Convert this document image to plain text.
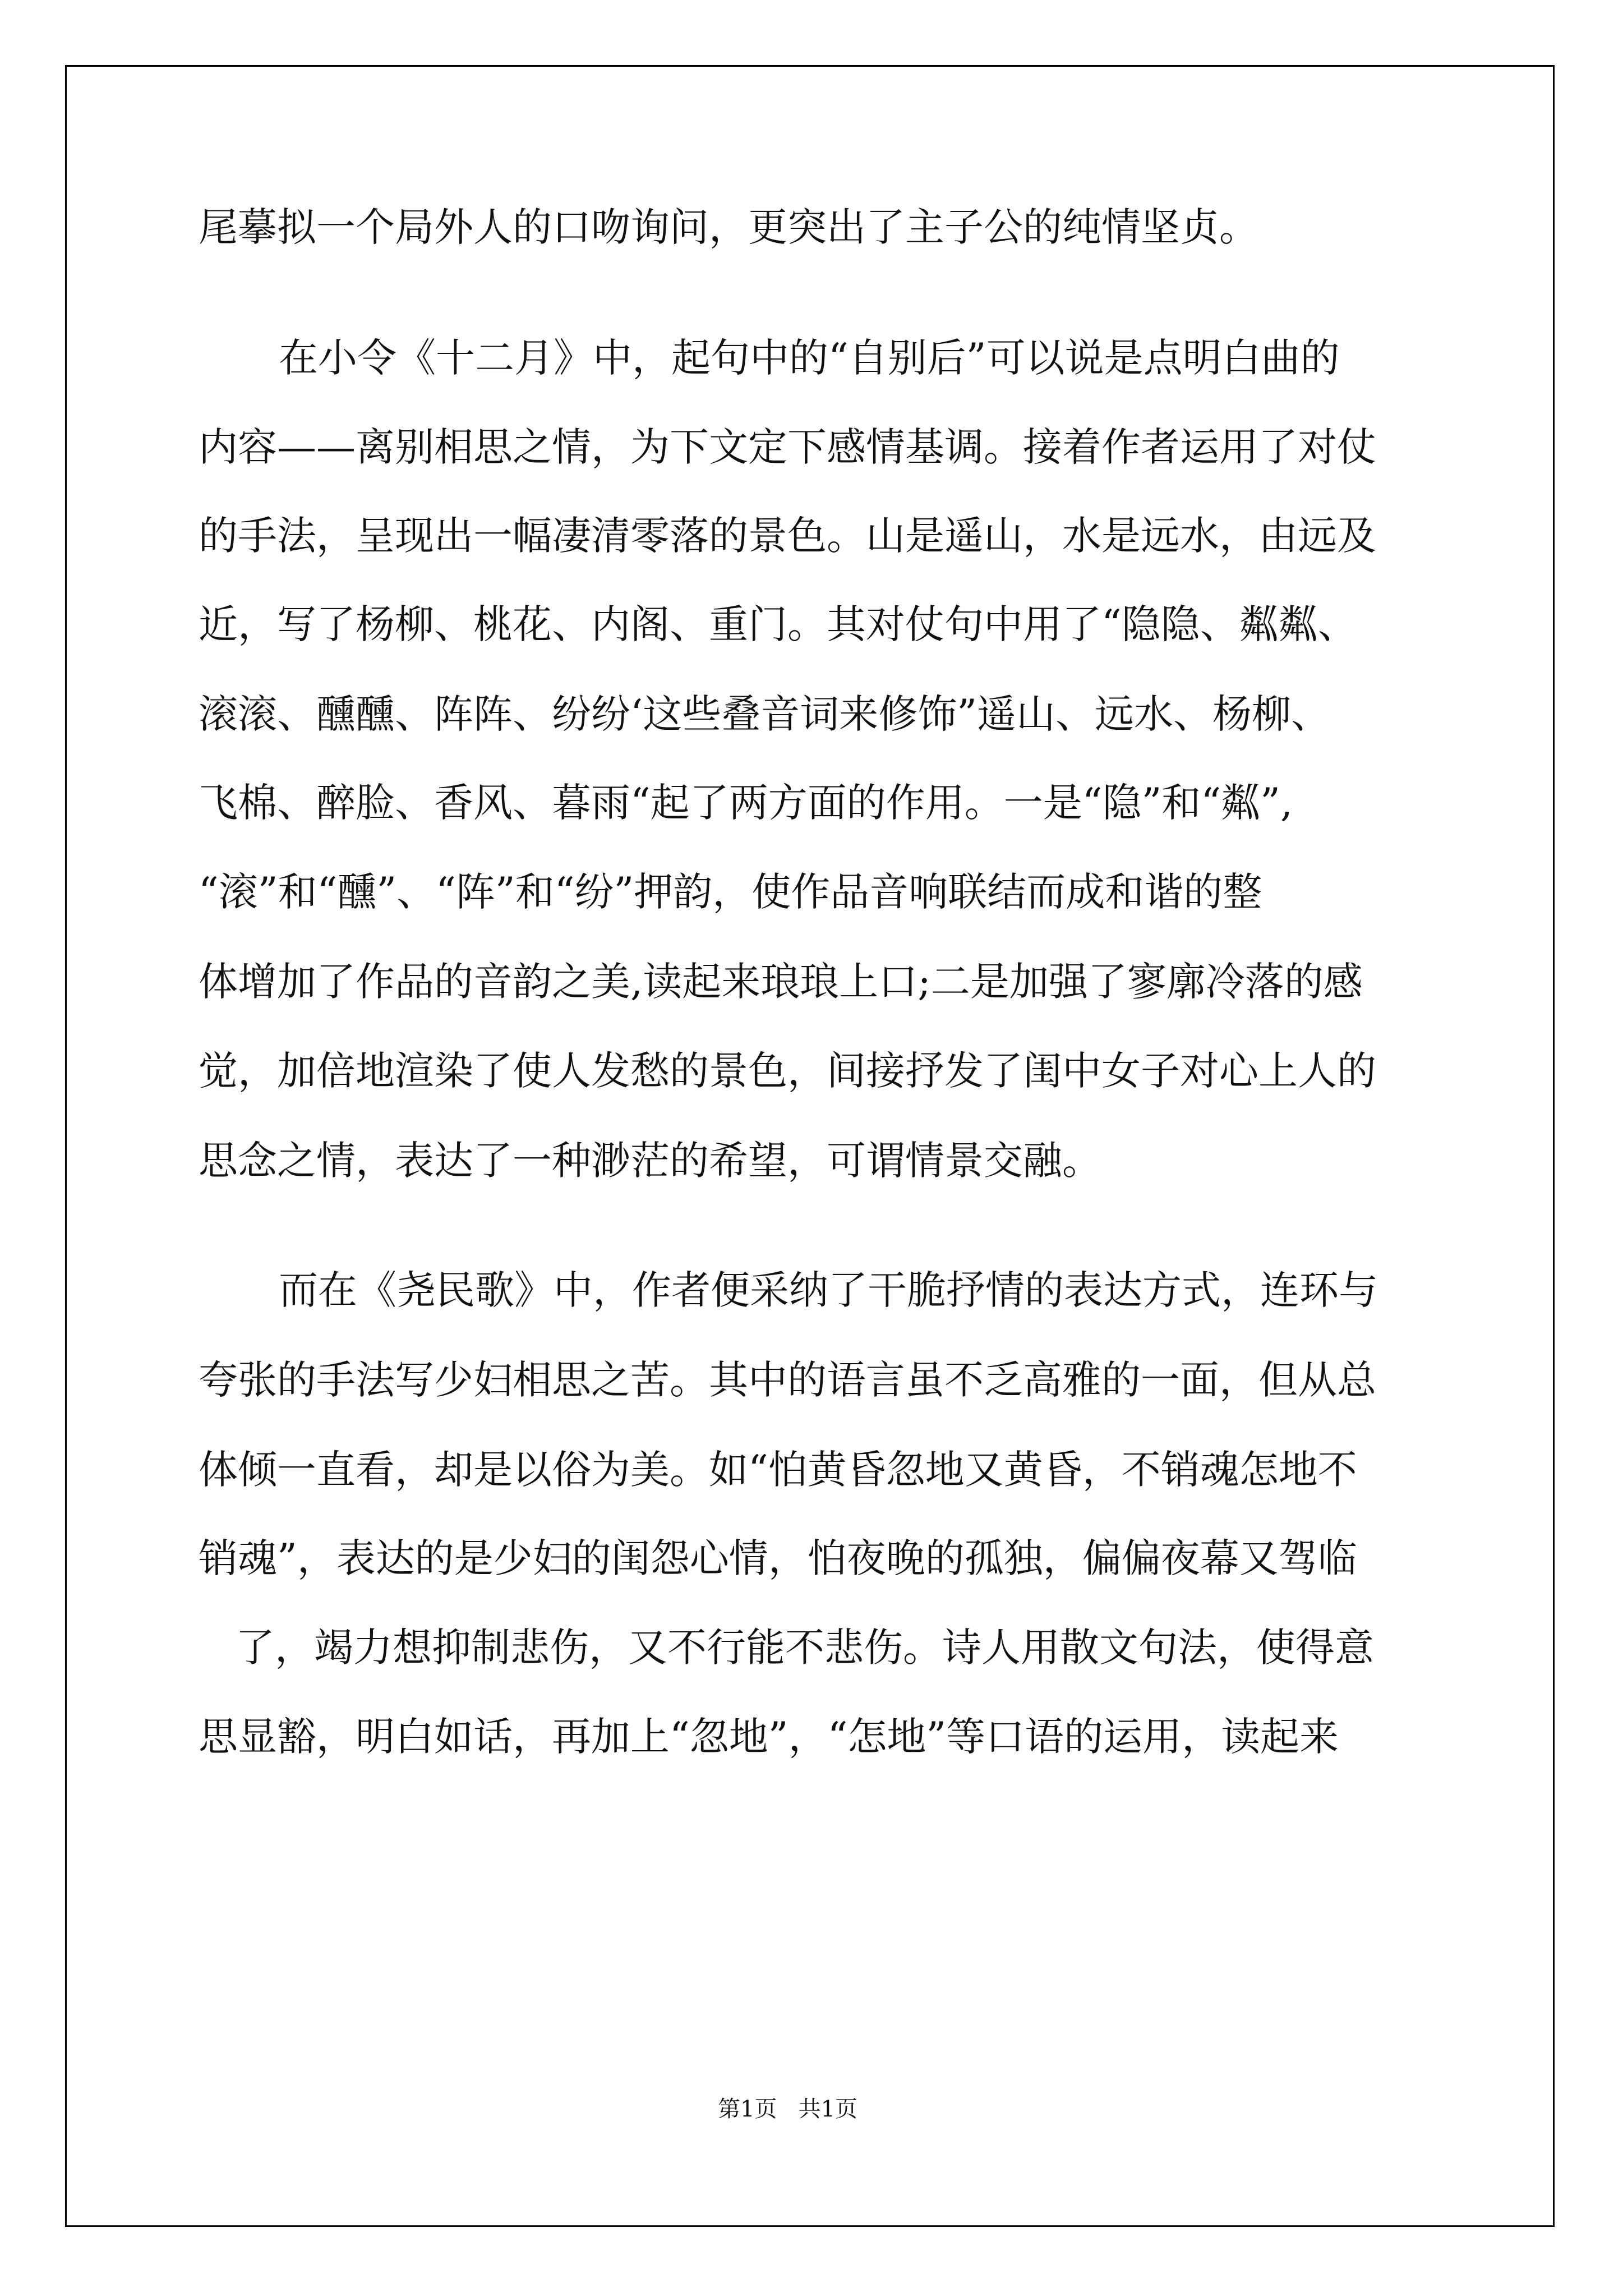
尾摹拟一个局外人的口吻询问，更突出了主子公的纯情坚贞。
在小令《十二月》中，起句中的“自别后”可以说是点明白曲的
内容——离别相思之情，为下文定下感情基调。接着作者运用了对仗
的手法，呈现出一幅凄清零落的景色。山是遥山，水是远水，由远及
近，写了杨柳、桃花、内阁、重门。其对仗句中用了“隐隐、粼粼、
滚滚、醺醺、阵阵、纷纷‘这些叠音词来修饰”遥山、远水、杨柳、
飞棉、醉脸、香风、暮雨“起了两方面的作用。一是“隐”和“粼”,
“滚”和“醺”、“阵”和“纷”押韵，使作品音响联结而成和谐的整
体增加了作品的音韵之美,读起来琅琅上口;二是加强了寥廓冷落的感
觉，加倍地渲染了使人发愁的景色，间接抒发了闺中女子对心上人的
思念之情，表达了一种渺茫的希望，可谓情景交融。
而在《尧民歌》中，作者便采纳了干脆抒情的表达方式，连环与
夸张的手法写少妇相思之苦。其中的语言虽不乏高雅的一面，但从总
体倾一直看，却是以俗为美。如“怕黄昏忽地又黄昏，不销魂怎地不
销魂”，表达的是少妇的闺怨心情，怕夜晚的孤独，偏偏夜幕又驾临
了，竭力想抑制悲伤，又不行能不悲伤。诗人用散文句法，使得意
思显豁，明白如话，再加上“忽地”，“怎地”等口语的运用，读起来
第1页   共1页
